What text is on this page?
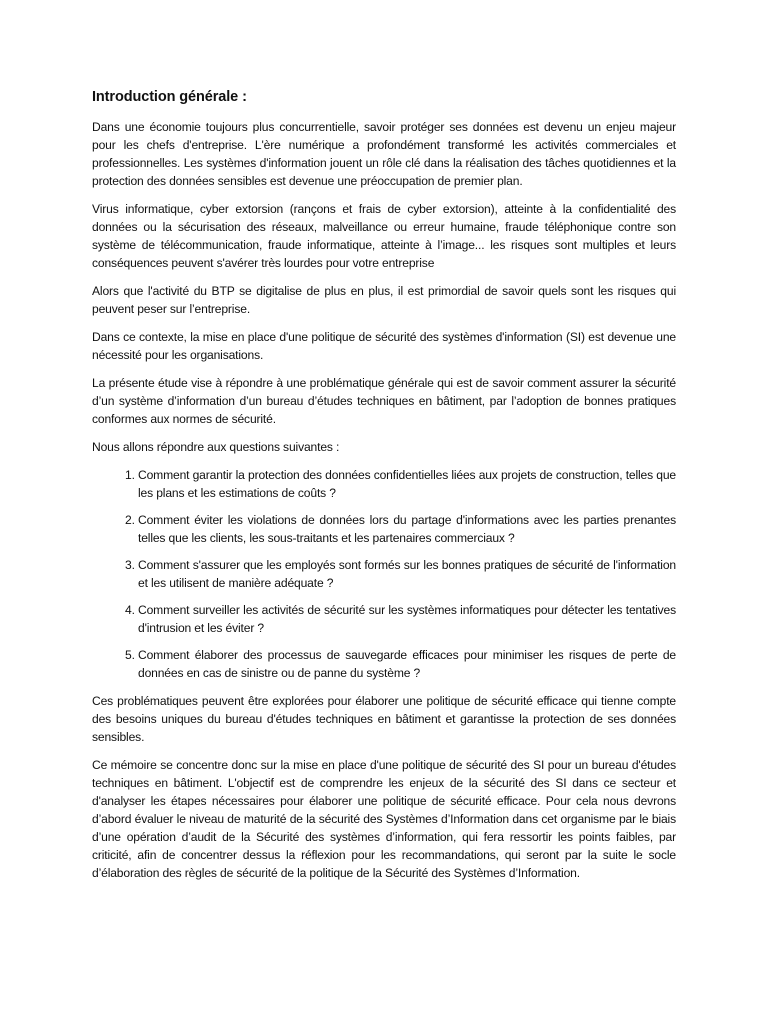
Introduction générale :

Dans une économie toujours plus concurrentielle, savoir protéger ses données est devenu un enjeu majeur pour les chefs d'entreprise. L'ère numérique a profondément transformé les activités commerciales et professionnelles. Les systèmes d'information jouent un rôle clé dans la réalisation des tâches quotidiennes et la protection des données sensibles est devenue une préoccupation de premier plan.

Virus informatique, cyber extorsion (rançons et frais de cyber extorsion), atteinte à la confidentialité des données ou la sécurisation des réseaux, malveillance ou erreur humaine, fraude téléphonique contre son système de télécommunication, fraude informatique, atteinte à l’image... les risques sont multiples et leurs conséquences peuvent s'avérer très lourdes pour votre entreprise

Alors que l'activité du BTP se digitalise de plus en plus, il est primordial de savoir quels sont les risques qui peuvent peser sur l’entreprise.

Dans ce contexte, la mise en place d'une politique de sécurité des systèmes d'information (SI) est devenue une nécessité pour les organisations.

La présente étude vise à répondre à une problématique générale qui est de savoir comment assurer la sécurité d’un système d’information d’un bureau d’études techniques en bâtiment, par l’adoption de bonnes pratiques conformes aux normes de sécurité.

Nous allons répondre aux questions suivantes :

1. Comment garantir la protection des données confidentielles liées aux projets de construction, telles que les plans et les estimations de coûts ?
2. Comment éviter les violations de données lors du partage d'informations avec les parties prenantes telles que les clients, les sous-traitants et les partenaires commerciaux ?
3. Comment s'assurer que les employés sont formés sur les bonnes pratiques de sécurité de l'information et les utilisent de manière adéquate ?
4. Comment surveiller les activités de sécurité sur les systèmes informatiques pour détecter les tentatives d'intrusion et les éviter ?
5. Comment élaborer des processus de sauvegarde efficaces pour minimiser les risques de perte de données en cas de sinistre ou de panne du système ?

Ces problématiques peuvent être explorées pour élaborer une politique de sécurité efficace qui tienne compte des besoins uniques du bureau d'études techniques en bâtiment et garantisse la protection de ses données sensibles.

Ce mémoire se concentre donc sur la mise en place d'une politique de sécurité des SI pour un bureau d'études techniques en bâtiment. L'objectif est de comprendre les enjeux de la sécurité des SI dans ce secteur et d'analyser les étapes nécessaires pour élaborer une politique de sécurité efficace. Pour cela nous devrons d’abord évaluer le niveau de maturité de la sécurité des Systèmes d’Information dans cet organisme par le biais d’une opération d’audit de la Sécurité des systèmes d’information, qui fera ressortir les points faibles, par criticité, afin de concentrer dessus la réflexion pour les recommandations, qui seront par la suite le socle d’élaboration des règles de sécurité de la politique de la Sécurité des Systèmes d’Information.
